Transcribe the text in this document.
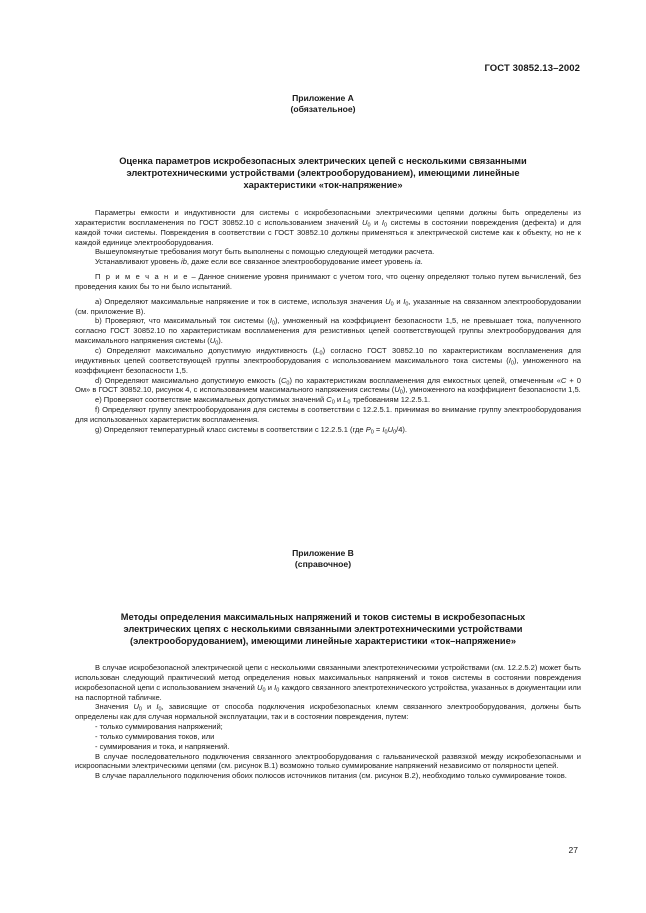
ГОСТ 30852.13–2002
Приложение А
(обязательное)
Оценка параметров искробезопасных электрических цепей с несколькими связанными
электротехническими устройствами (электрооборудованием), имеющими линейные
характеристики «ток-напряжение»

Параметры емкости и индуктивности для системы с искробезопасными электрическими цепями должны быть определены из характеристик воспламенения по ГОСТ 30852.10 с использованием значений $U_0$ и $I_0$ системы в состоянии повреждения (дефекта) и для каждой точки системы. Повреждения в соответствии с ГОСТ 30852.10 должны применяться к электрической системе как к объекту, но не к каждой единице электрооборудования.

Вышеупомянутые требования могут быть выполнены с помощью следующей методики расчета.

Устанавливают уровень ib, даже если все связанное электрооборудование имеет уровень ia.

П р и м е ч а н и е – Данное снижение уровня принимают с учетом того, что оценку определяют только путем вычислений, без проведения каких бы то ни было испытаний.

а) Определяют максимальные напряжение и ток в системе, используя значения $U_0$ и $I_0$, указанные на связанном электрооборудовании (см. приложение В).

b) Проверяют, что максимальный ток системы $(I_0)$, умноженный на коэффициент безопасности 1,5, не превышает тока, полученного согласно ГОСТ 30852.10 по характеристикам воспламенения для резистивных цепей соответствующей группы электрооборудования для максимального напряжения системы $(U_0)$.

c) Определяют максимально допустимую индуктивность $(L_0)$ согласно ГОСТ 30852.10 по характеристикам воспламенения для индуктивных цепей соответствующей группы электрооборудования с использованием максимального тока системы $(I_0)$, умноженного на коэффициент безопасности 1,5.

d) Определяют максимально допустимую емкость $(C_0)$ по характеристикам воспламенения для емкостных цепей, отмеченным «C + 0 Ом» в ГОСТ 30852.10, рисунок 4, с использованием максимального напряжения системы $(U_0)$, умноженного на коэффициент безопасности 1,5.

e) Проверяют соответствие максимальных допустимых значений $C_0$ и $L_0$ требованиям 12.2.5.1.

f) Определяют группу электрооборудования для системы в соответствии с 12.2.5.1. принимая во внимание группу электрооборудования для использованных характеристик воспламенения.

g) Определяют температурный класс системы в соответствии с 12.2.5.1 (где $P_0 = I_0U_0/4$).

Приложение В
(справочное)
Методы определения максимальных напряжений и токов системы в искробезопасных
электрических цепях с несколькими связанными электротехническими устройствами
(электрооборудованием), имеющими линейные характеристики «ток–напряжение»

В случае искробезопасной электрической цепи с несколькими связанными электротехническими устройствами (см. 12.2.5.2) может быть использован следующий практический метод определения новых максимальных напряжений и токов системы в состоянии повреждения искробезопасной цепи с использованием значений $U_0$ и $I_0$ каждого связанного электротехнического устройства, указанных в документации или на паспортной табличке.

Значения $U_0$ и $I_0$, зависящие от способа подключения искробезопасных клемм связанного электрооборудования, должны быть определены как для случая нормальной эксплуатации, так и в состоянии повреждения, путем:

- только суммирования напряжений;

- только суммирования токов, или

- суммирования и тока, и напряжений.

В случае последовательного подключения связанного электрооборудования с гальванической развязкой между искробезопасными и искроопасными электрическими цепями (см. рисунок В.1) возможно только суммирование напряжений независимо от полярности цепей.

В случае параллельного подключения обоих полюсов источников питания (см. рисунок В.2), необходимо только суммирование токов.

27
